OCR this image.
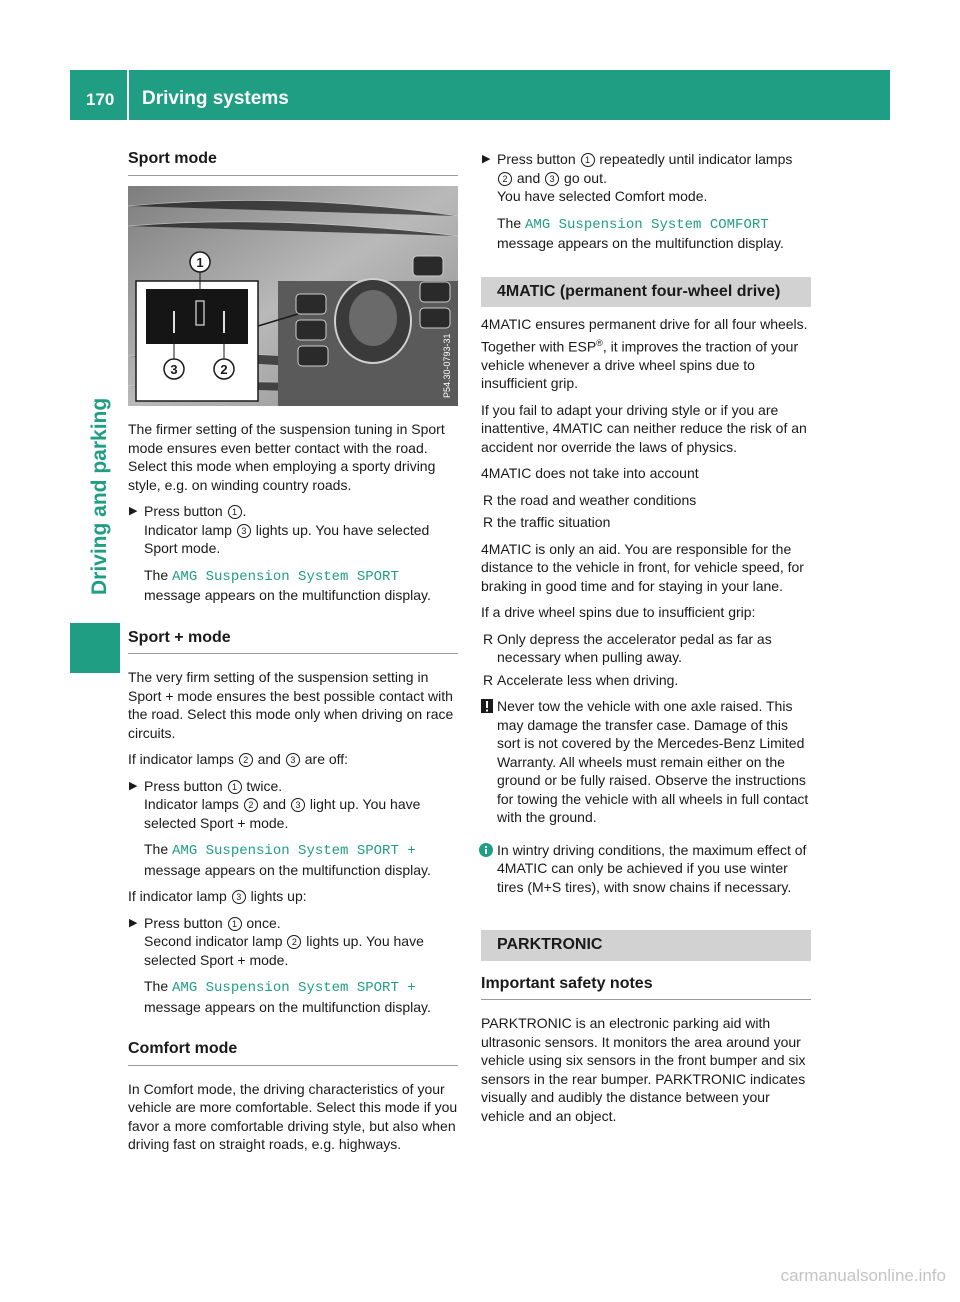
170 Driving systems
Driving and parking
Sport mode
1
3	2	P54.30-0793-31

The firmer setting of the suspension tuning in Sport mode ensures even better contact with the road. Select this mode when employing a sporty driving style, e.g. on winding country roads.

▶ Press button 1 .
Indicator lamp 3 lights up. You have selected Sport mode.
The AMG Suspension System SPORT message appears on the multifunction display.
Sport + mode

The very firm setting of the suspension setting in Sport + mode ensures the best possible contact with the road. Select this mode only when driving on race circuits.

If indicator lamps 2 and 3 are off:

▶ Press button 1 twice.
Indicator lamps 2 and 3 light up. You have selected Sport + mode.
The AMG Suspension System SPORT + message appears on the multifunction display.

If indicator lamp 3 lights up:

▶ Press button 1 once.
Second indicator lamp 2 lights up. You have selected Sport + mode.
The AMG Suspension System SPORT + message appears on the multifunction display.
Comfort mode

In Comfort mode, the driving characteristics of your vehicle are more comfortable. Select this mode if you favor a more comfortable driving style, but also when driving fast on straight roads, e.g. highways.

▶ Press button 1 repeatedly until indicator lamps 2 and 3 go out.
You have selected Comfort mode.
The AMG Suspension System COMFORT message appears on the multifunction display.
4MATIC (permanent four-wheel drive)

4MATIC ensures permanent drive for all four wheels. Together with ESP®, it improves the traction of your vehicle whenever a drive wheel spins due to insufficient grip.

If you fail to adapt your driving style or if you are inattentive, 4MATIC can neither reduce the risk of an accident nor override the laws of physics.

4MATIC does not take into account

R the road and weather conditions
R the traffic situation

4MATIC is only an aid. You are responsible for the distance to the vehicle in front, for vehicle speed, for braking in good time and for staying in your lane.

If a drive wheel spins due to insufficient grip:

R Only depress the accelerator pedal as far as necessary when pulling away.
R Accelerate less when driving.
Never tow the vehicle with one axle raised. This may damage the transfer case. Damage of this sort is not covered by the Mercedes-Benz Limited Warranty. All wheels must remain either on the ground or be fully raised. Observe the instructions for towing the vehicle with all wheels in full contact with the ground.
In wintry driving conditions, the maximum effect of 4MATIC can only be achieved if you use winter tires (M+S tires), with snow chains if necessary.
PARKTRONIC
Important safety notes

PARKTRONIC is an electronic parking aid with ultrasonic sensors. It monitors the area around your vehicle using six sensors in the front bumper and six sensors in the rear bumper. PARKTRONIC indicates visually and audibly the distance between your vehicle and an object.

carmanualsonline.info
